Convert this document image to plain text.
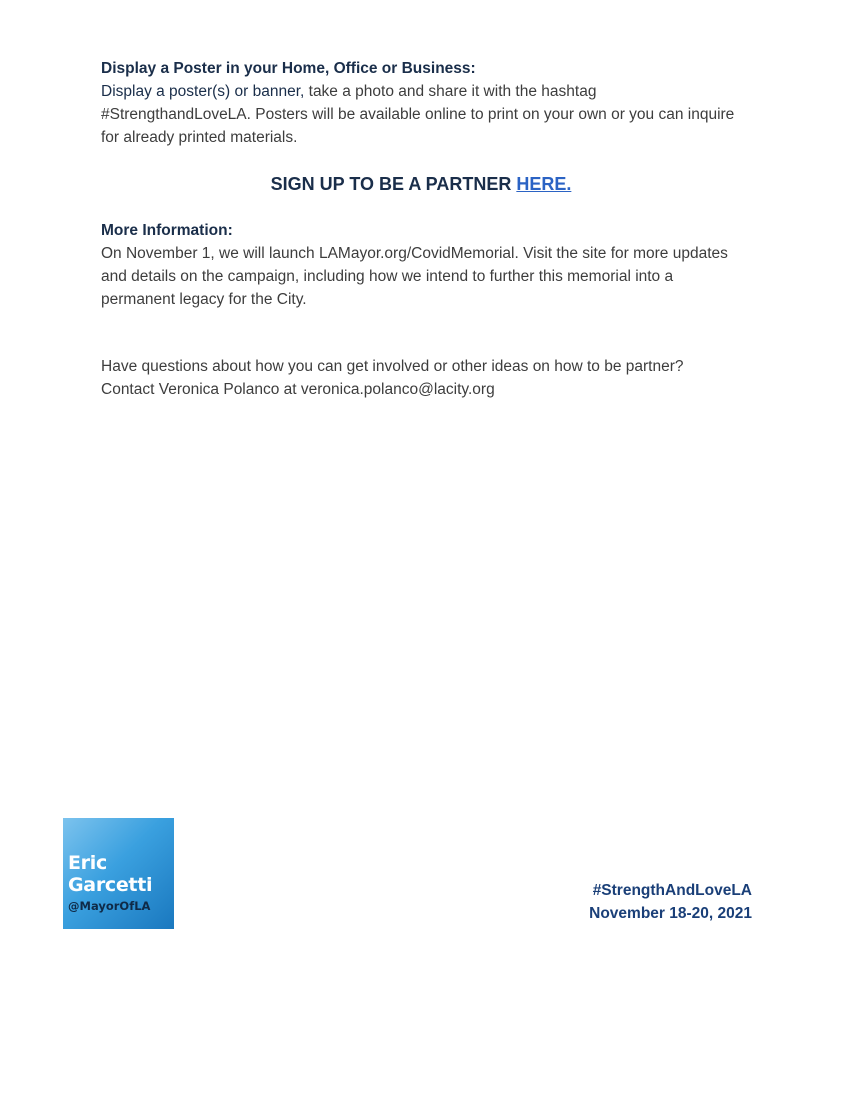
Display a Poster in your Home, Office or Business:

Display a poster(s) or banner, take a photo and share it with the hashtag #StrengthandLoveLA. Posters will be available online to print on your own or you can inquire for already printed materials.

SIGN UP TO BE A PARTNER HERE.

More Information:

On November 1, we will launch LAMayor.org/CovidMemorial. Visit the site for more updates and details on the campaign, including how we intend to further this memorial into a permanent legacy for the City.

Have questions about how you can get involved or other ideas on how to be partner?

Contact Veronica Polanco at veronica.polanco@lacity.org

Eric
Garcetti
@MayorOfLA
#StrengthAndLoveLA
November 18-20, 2021
